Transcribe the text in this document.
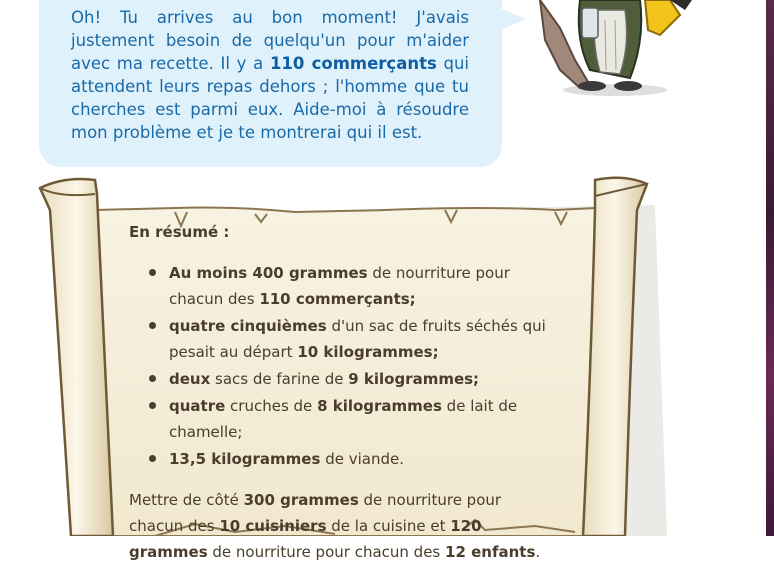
Oh! Tu arrives au bon moment! J'avais justement besoin de quelqu'un pour m'aider avec ma recette. Il y a 110 commerçants qui attendent leurs repas dehors ; l'homme que tu cherches est parmi eux. Aide-moi à résoudre mon problème et je te montrerai qui il est.

En résumé :

Au moins 400 grammes de nourriture pour chacun des 110 commerçants;
quatre cinquièmes d'un sac de fruits séchés qui pesait au départ 10 kilogrammes;
deux sacs de farine de 9 kilogrammes;
quatre cruches de 8 kilogrammes de lait de chamelle;
13,5 kilogrammes de viande.

Mettre de côté 300 grammes de nourriture pour chacun des 10 cuisiniers de la cuisine et 120 grammes de nourriture pour chacun des 12 enfants.
